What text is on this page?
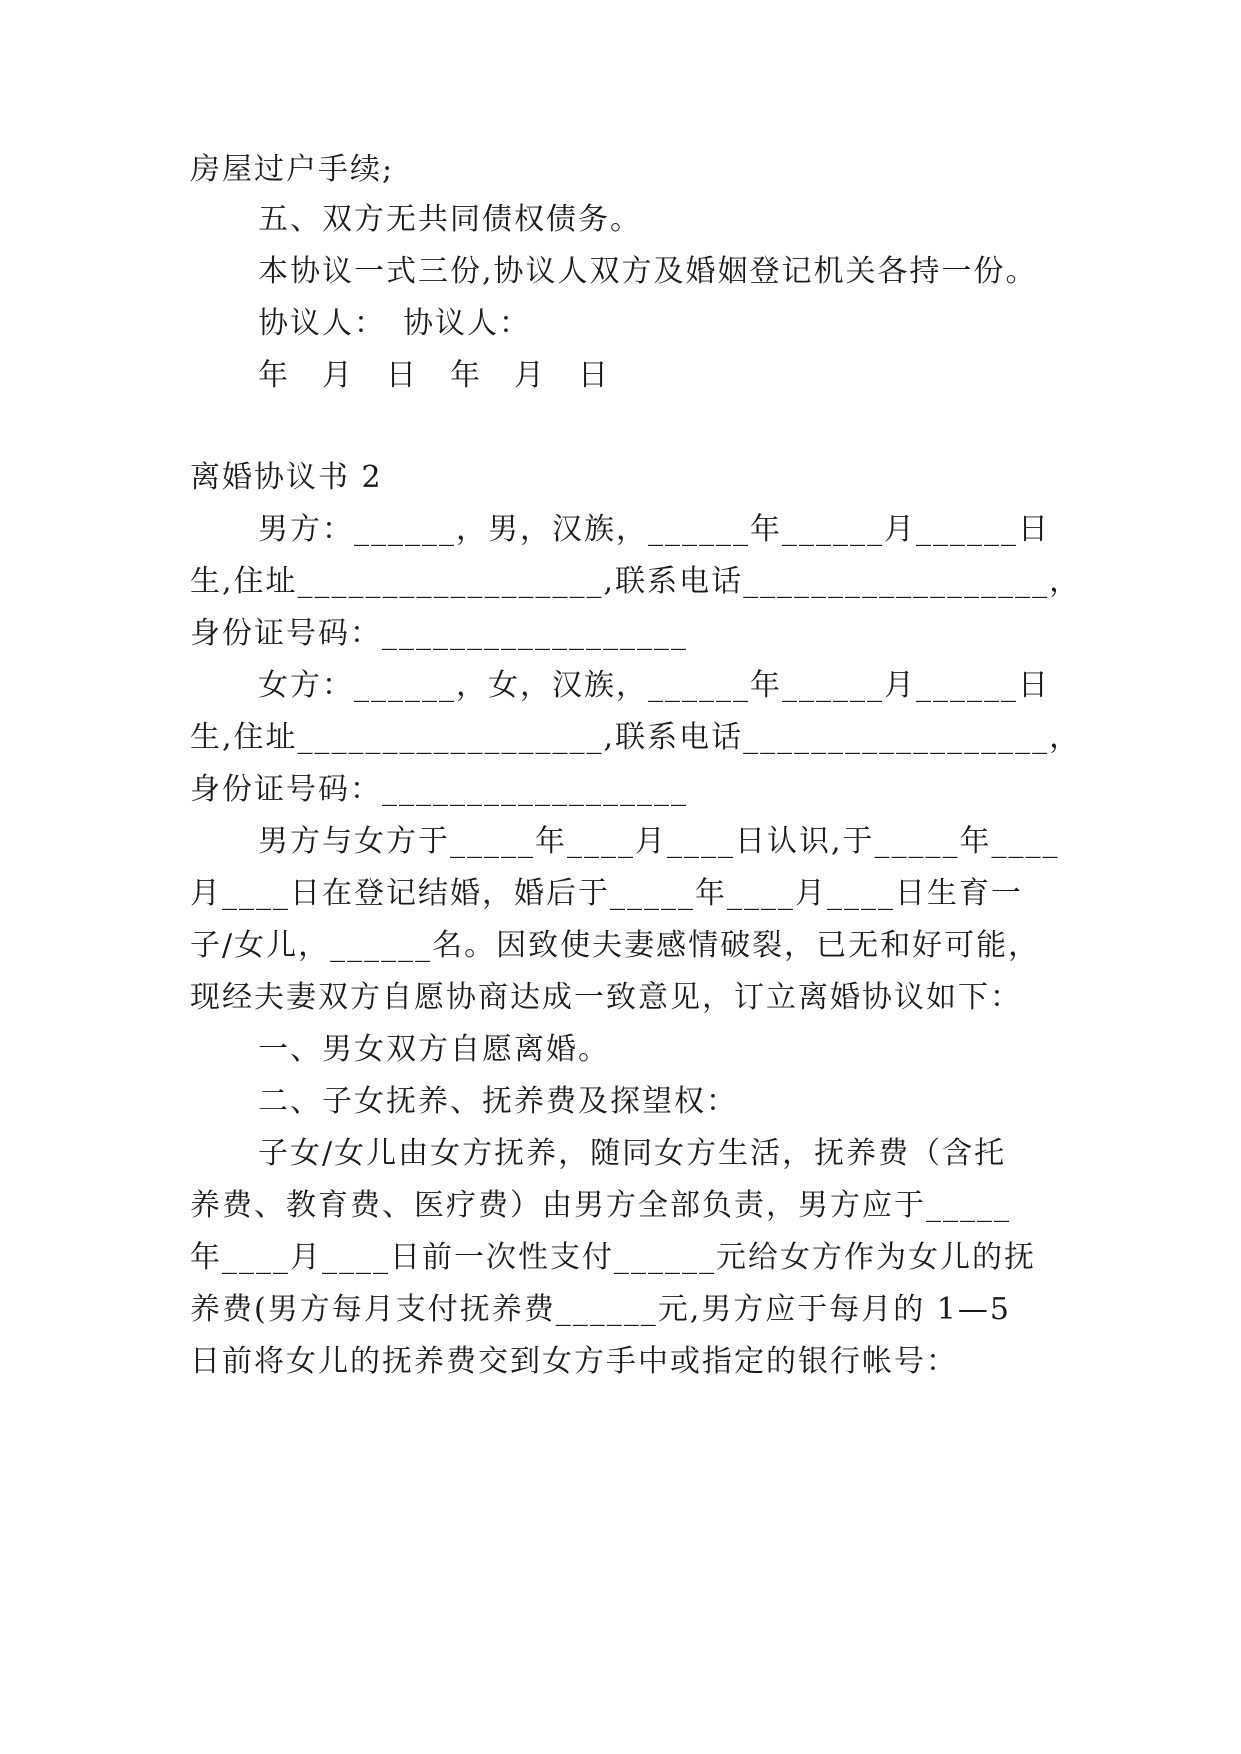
房屋过户手续;
五、双方无共同债权债务。
本协议一式三份,协议人双方及婚姻登记机关各持一份。
协议人：　协议人：
年　月　日　年　月　日
离婚协议书 2
男方：______，男，汉族，______年______月______日
生,住址__________________,联系电话__________________，
身份证号码：__________________
女方：______，女，汉族，______年______月______日
生,住址__________________,联系电话__________________，
身份证号码：__________________
男方与女方于_____年____月____日认识,于_____年____
月____日在登记结婚，婚后于_____年____月____日生育一
子/女儿，______名。因致使夫妻感情破裂，已无和好可能，
现经夫妻双方自愿协商达成一致意见，订立离婚协议如下：
一、男女双方自愿离婚。
二、子女抚养、抚养费及探望权：
子女/女儿由女方抚养，随同女方生活，抚养费（含托
养费、教育费、医疗费）由男方全部负责，男方应于_____
年____月____日前一次性支付______元给女方作为女儿的抚
养费(男方每月支付抚养费______元,男方应于每月的 1—5
日前将女儿的抚养费交到女方手中或指定的银行帐号：
